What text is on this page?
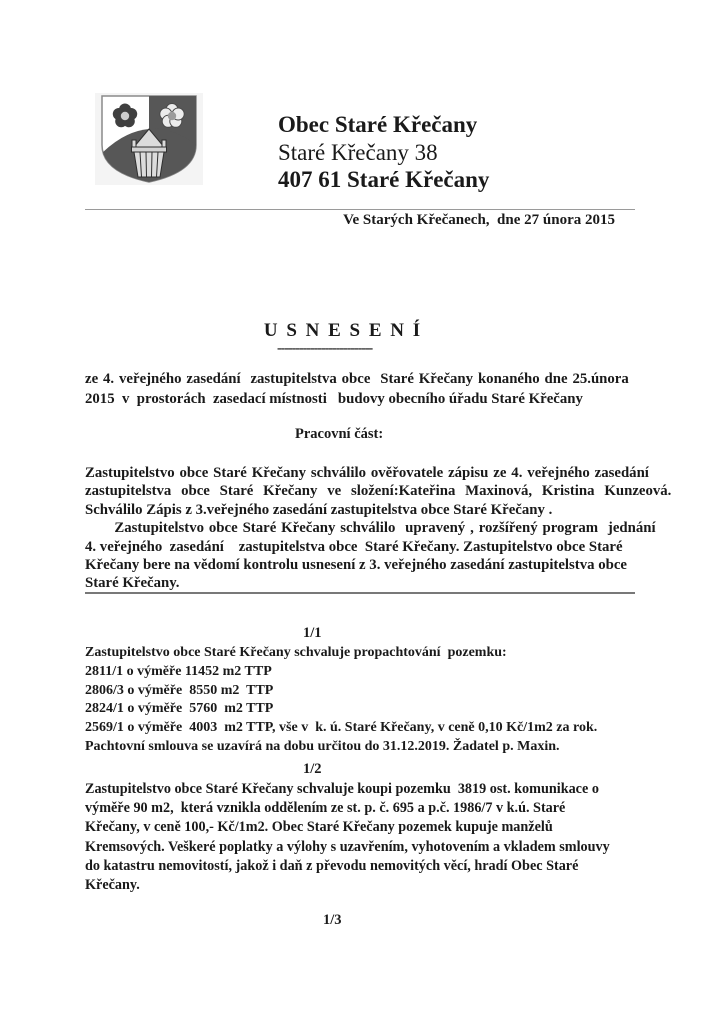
Obec Staré Křečany
Staré Křečany 38
407 61 Staré Křečany
Ve Starých Křečanech,  dne 27 února 2015
U S N E S E N Í
--------------------------
ze 4. veřejného zasedání  zastupitelstva obce  Staré Křečany konaného dne 25.února
2015  v  prostorách  zasedací místnosti   budovy obecního úřadu Staré Křečany
Pracovní část:
Zastupitelstvo obce Staré Křečany schválilo ověřovatele zápisu ze 4. veřejného zasedání
zastupitelstva  obce  Staré  Křečany  ve  složení:Kateřina  Maxinová,  Kristina  Kunzeová.
Schválilo Zápis z 3.veřejného zasedání zastupitelstva obce Staré Křečany .
Zastupitelstvo obce Staré Křečany schválilo  upravený , rozšířený program  jednání
4. veřejného  zasedání    zastupitelstva obce  Staré Křečany. Zastupitelstvo obce Staré
Křečany bere na vědomí kontrolu usnesení z 3. veřejného zasedání zastupitelstva obce
Staré Křečany.
1/1
Zastupitelstvo obce Staré Křečany schvaluje propachtování  pozemku:
2811/1 o výměře 11452 m2 TTP
2806/3 o výměře  8550 m2  TTP
2824/1 o výměře  5760  m2 TTP
2569/1 o výměře  4003  m2 TTP, vše v  k. ú. Staré Křečany, v ceně 0,10 Kč/1m2 za rok.
Pachtovní smlouva se uzavírá na dobu určitou do 31.12.2019. Žadatel p. Maxin.
1/2
Zastupitelstvo obce Staré Křečany schvaluje koupi pozemku  3819 ost. komunikace o
výměře 90 m2,  která vznikla oddělením ze st. p. č. 695 a p.č. 1986/7 v k.ú. Staré
Křečany, v ceně 100,- Kč/1m2. Obec Staré Křečany pozemek kupuje manželů
Kremsových. Veškeré poplatky a výlohy s uzavřením, vyhotovením a vkladem smlouvy
do katastru nemovitostí, jakož i daň z převodu nemovitých věcí, hradí Obec Staré
Křečany.
1/3
